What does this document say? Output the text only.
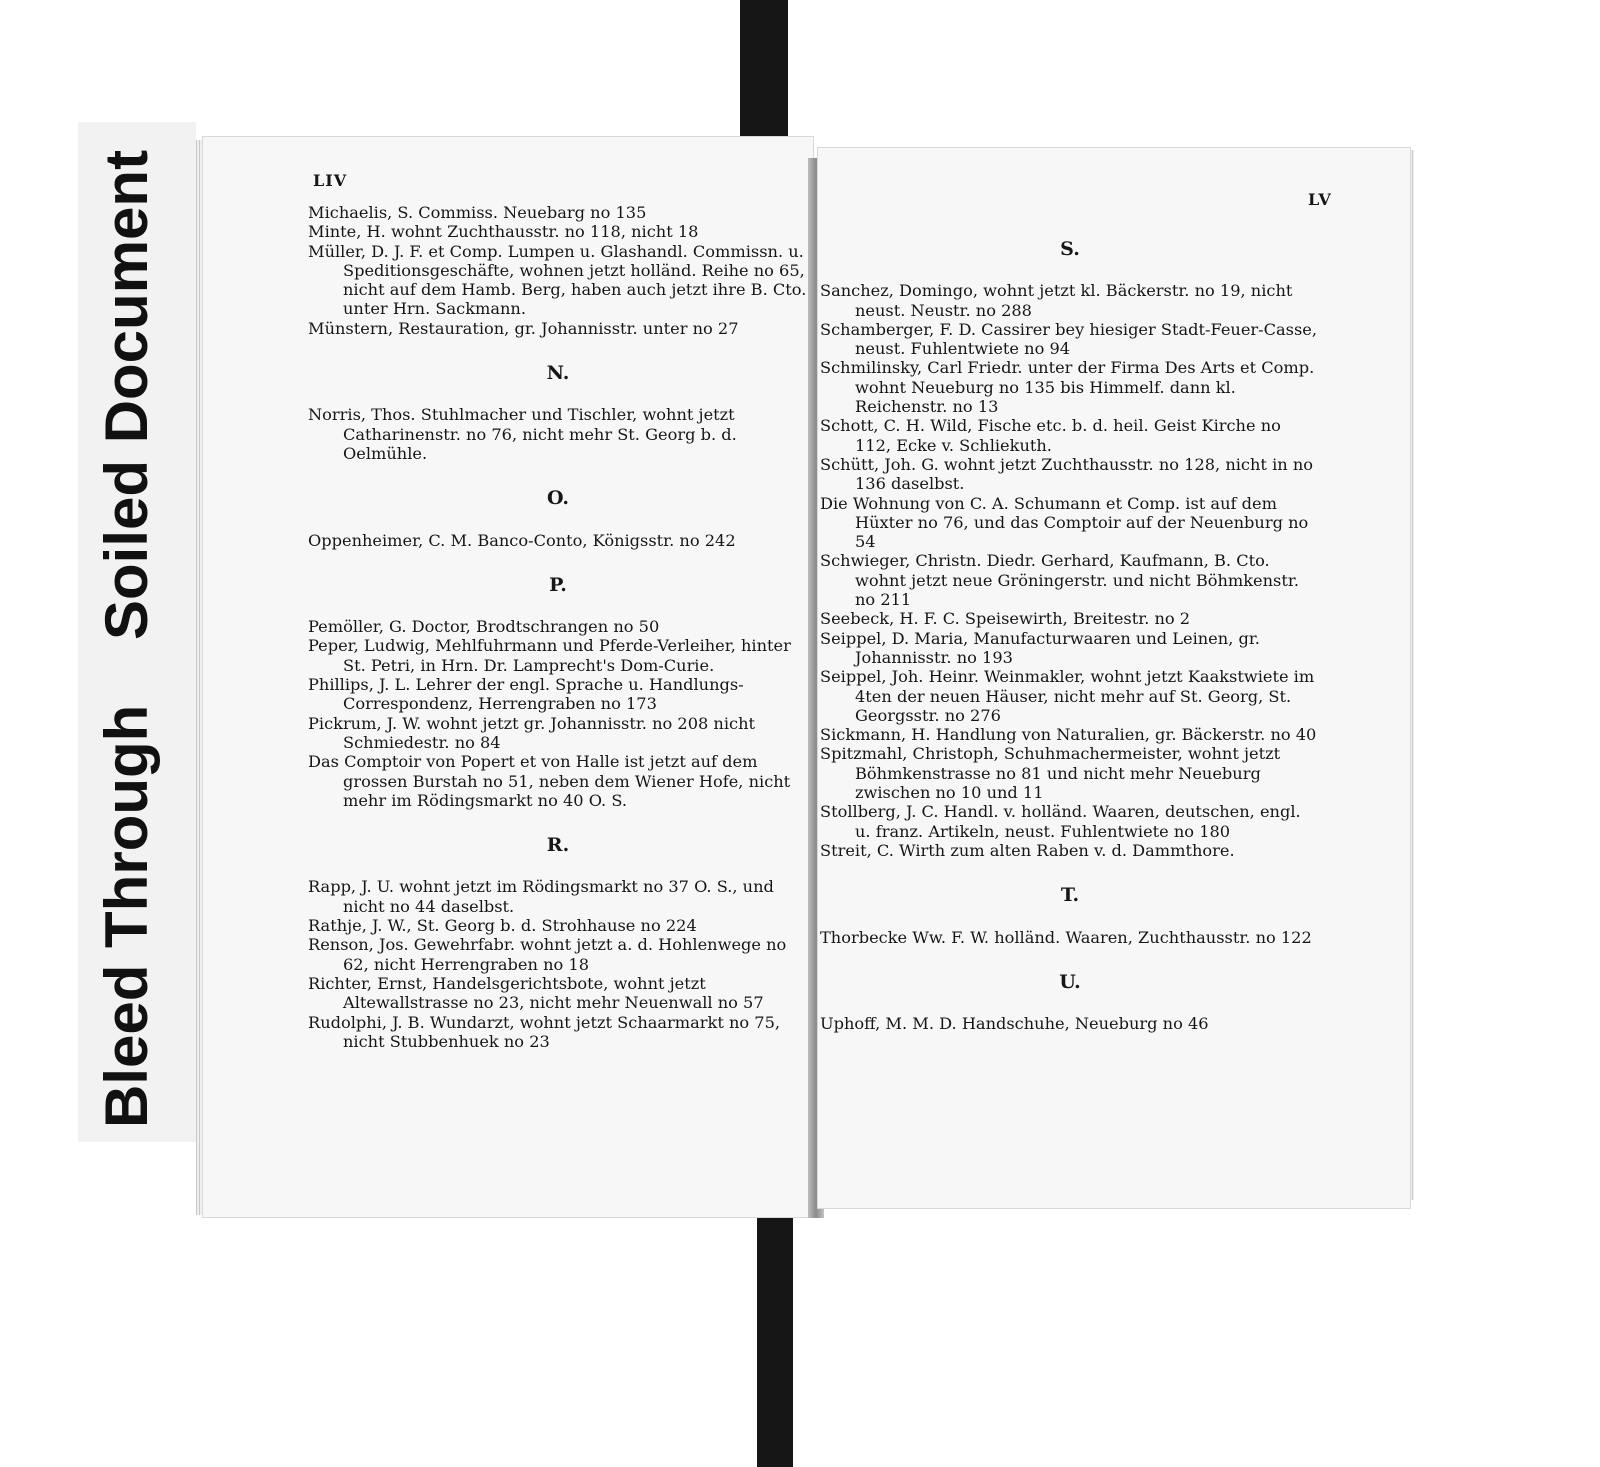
Soiled Document
Bleed Through
LIV

Michaelis, S. Commiss. Neuebarg no 135

Minte, H. wohnt Zuchthausstr. no 118, nicht 18

Müller, D. J. F. et Comp. Lumpen u. Glashandl. Commissn. u. Speditionsgeschäfte, wohnen jetzt holländ. Reihe no 65, nicht auf dem Hamb. Berg, haben auch jetzt ihre B. Cto. unter Hrn. Sackmann.

Münstern, Restauration, gr. Johannisstr. unter no 27

N.

Norris, Thos. Stuhlmacher und Tischler, wohnt jetzt Catharinenstr. no 76, nicht mehr St. Georg b. d. Oelmühle.

O.

Oppenheimer, C. M. Banco-Conto, Königsstr. no 242

P.

Pemöller, G. Doctor, Brodtschrangen no 50

Peper, Ludwig, Mehlfuhrmann und Pferde-Verleiher, hinter St. Petri, in Hrn. Dr. Lamprecht's Dom-Curie.

Phillips, J. L. Lehrer der engl. Sprache u. Handlungs-Correspondenz, Herrengraben no 173

Pickrum, J. W. wohnt jetzt gr. Johannisstr. no 208 nicht Schmiedestr. no 84

Das Comptoir von Popert et von Halle ist jetzt auf dem grossen Burstah no 51, neben dem Wiener Hofe, nicht mehr im Rödingsmarkt no 40 O. S.

R.

Rapp, J. U. wohnt jetzt im Rödingsmarkt no 37 O. S., und nicht no 44 daselbst.

Rathje, J. W., St. Georg b. d. Strohhause no 224

Renson, Jos. Gewehrfabr. wohnt jetzt a. d. Hohlenwege no 62, nicht Herrengraben no 18

Richter, Ernst, Handelsgerichtsbote, wohnt jetzt Altewallstrasse no 23, nicht mehr Neuenwall no 57

Rudolphi, J. B. Wundarzt, wohnt jetzt Schaarmarkt no 75, nicht Stubbenhuek no 23

LV
S.

Sanchez, Domingo, wohnt jetzt kl. Bäckerstr. no 19, nicht neust. Neustr. no 288

Schamberger, F. D. Cassirer bey hiesiger Stadt-Feuer-Casse, neust. Fuhlentwiete no 94

Schmilinsky, Carl Friedr. unter der Firma Des Arts et Comp. wohnt Neueburg no 135 bis Himmelf. dann kl. Reichenstr. no 13

Schott, C. H. Wild, Fische etc. b. d. heil. Geist Kirche no 112, Ecke v. Schliekuth.

Schütt, Joh. G. wohnt jetzt Zuchthausstr. no 128, nicht in no 136 daselbst.

Die Wohnung von C. A. Schumann et Comp. ist auf dem Hüxter no 76, und das Comptoir auf der Neuenburg no 54

Schwieger, Christn. Diedr. Gerhard, Kaufmann, B. Cto. wohnt jetzt neue Gröningerstr. und nicht Böhmkenstr. no 211

Seebeck, H. F. C. Speisewirth, Breitestr. no 2

Seippel, D. Maria, Manufacturwaaren und Leinen, gr. Johannisstr. no 193

Seippel, Joh. Heinr. Weinmakler, wohnt jetzt Kaakstwiete im 4ten der neuen Häuser, nicht mehr auf St. Georg, St. Georgsstr. no 276

Sickmann, H. Handlung von Naturalien, gr. Bäckerstr. no 40

Spitzmahl, Christoph, Schuhmachermeister, wohnt jetzt Böhmkenstrasse no 81 und nicht mehr Neueburg zwischen no 10 und 11

Stollberg, J. C. Handl. v. holländ. Waaren, deutschen, engl. u. franz. Artikeln, neust. Fuhlentwiete no 180

Streit, C. Wirth zum alten Raben v. d. Dammthore.

T.

Thorbecke Ww. F. W. holländ. Waaren, Zuchthausstr. no 122

U.

Uphoff, M. M. D. Handschuhe, Neueburg no 46
